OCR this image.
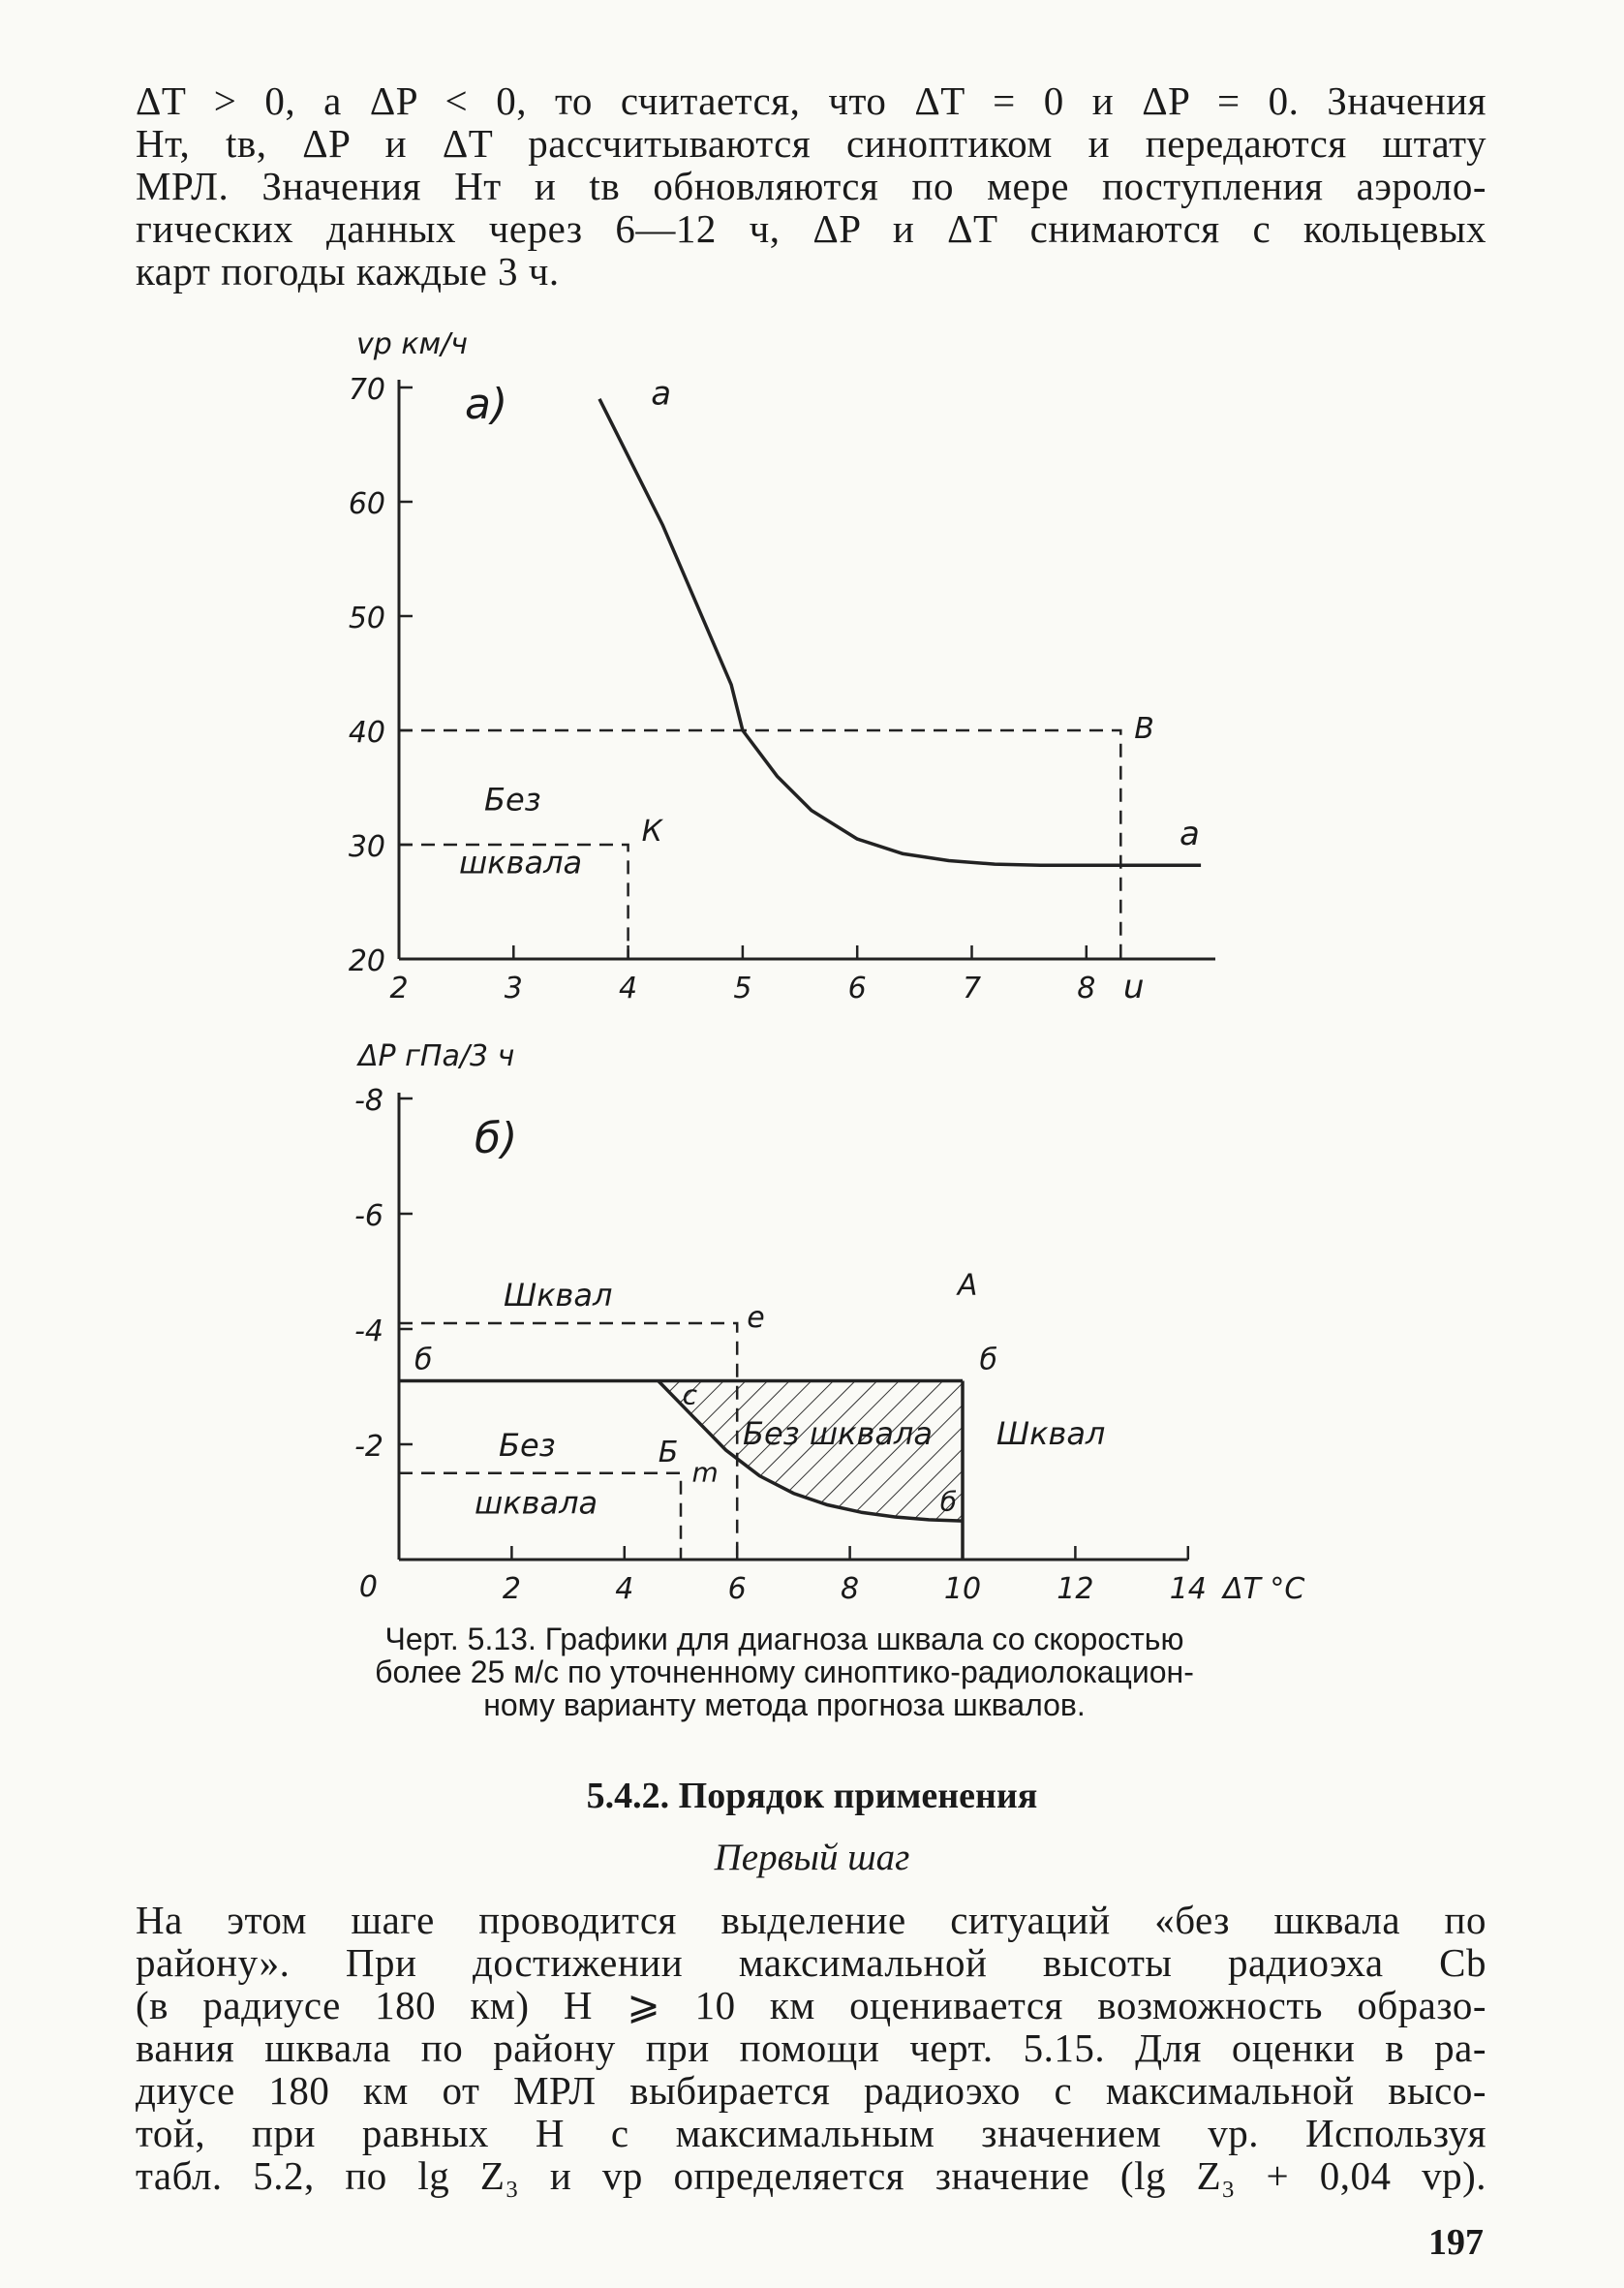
ΔT > 0, а ΔP < 0, то считается, что ΔT = 0 и ΔP = 0. Значения
Hт, tв, ΔP и ΔT рассчитываются синоптиком и передаются штату
МРЛ. Значения Hт и tв обновляются по мере поступления аэроло-
гических данных через 6—12 ч, ΔP и ΔT снимаются с кольцевых
карт погоды каждые 3 ч.
70
60
50
40
30
20
2	3	4	5	6	7	8 u
vр км/ч
а)	а
а
В
К
Без
шквала
-8
-6
-4
-2
0	2	4	6	8	10	12	14 ΔT °C
ΔP гПа/3 ч
б)
Шквал	А
б	б
е
с
Без шквала Шквал
Без
шквала
Б
m
б
Черт. 5.13. Графики для диагноза шквала со скоростью
более 25 м/с по уточненному синоптико-радиолокацион-
ному варианту метода прогноза шквалов.
5.4.2. Порядок применения
Первый шаг
На этом шаге проводится выделение ситуаций «без шквала по
району». При достижении максимальной высоты радиоэха Cb
(в радиусе 180 км) H ⩾ 10 км оценивается возможность образо-
вания шквала по району при помощи черт. 5.15. Для оценки в ра-
диусе 180 км от МРЛ выбирается радиоэхо с максимальной высо-
той, при равных H с максимальным значением vр. Используя
табл. 5.2, по lg Z₃ и vр определяется значение (lg Z₃ + 0,04 vр).
197
